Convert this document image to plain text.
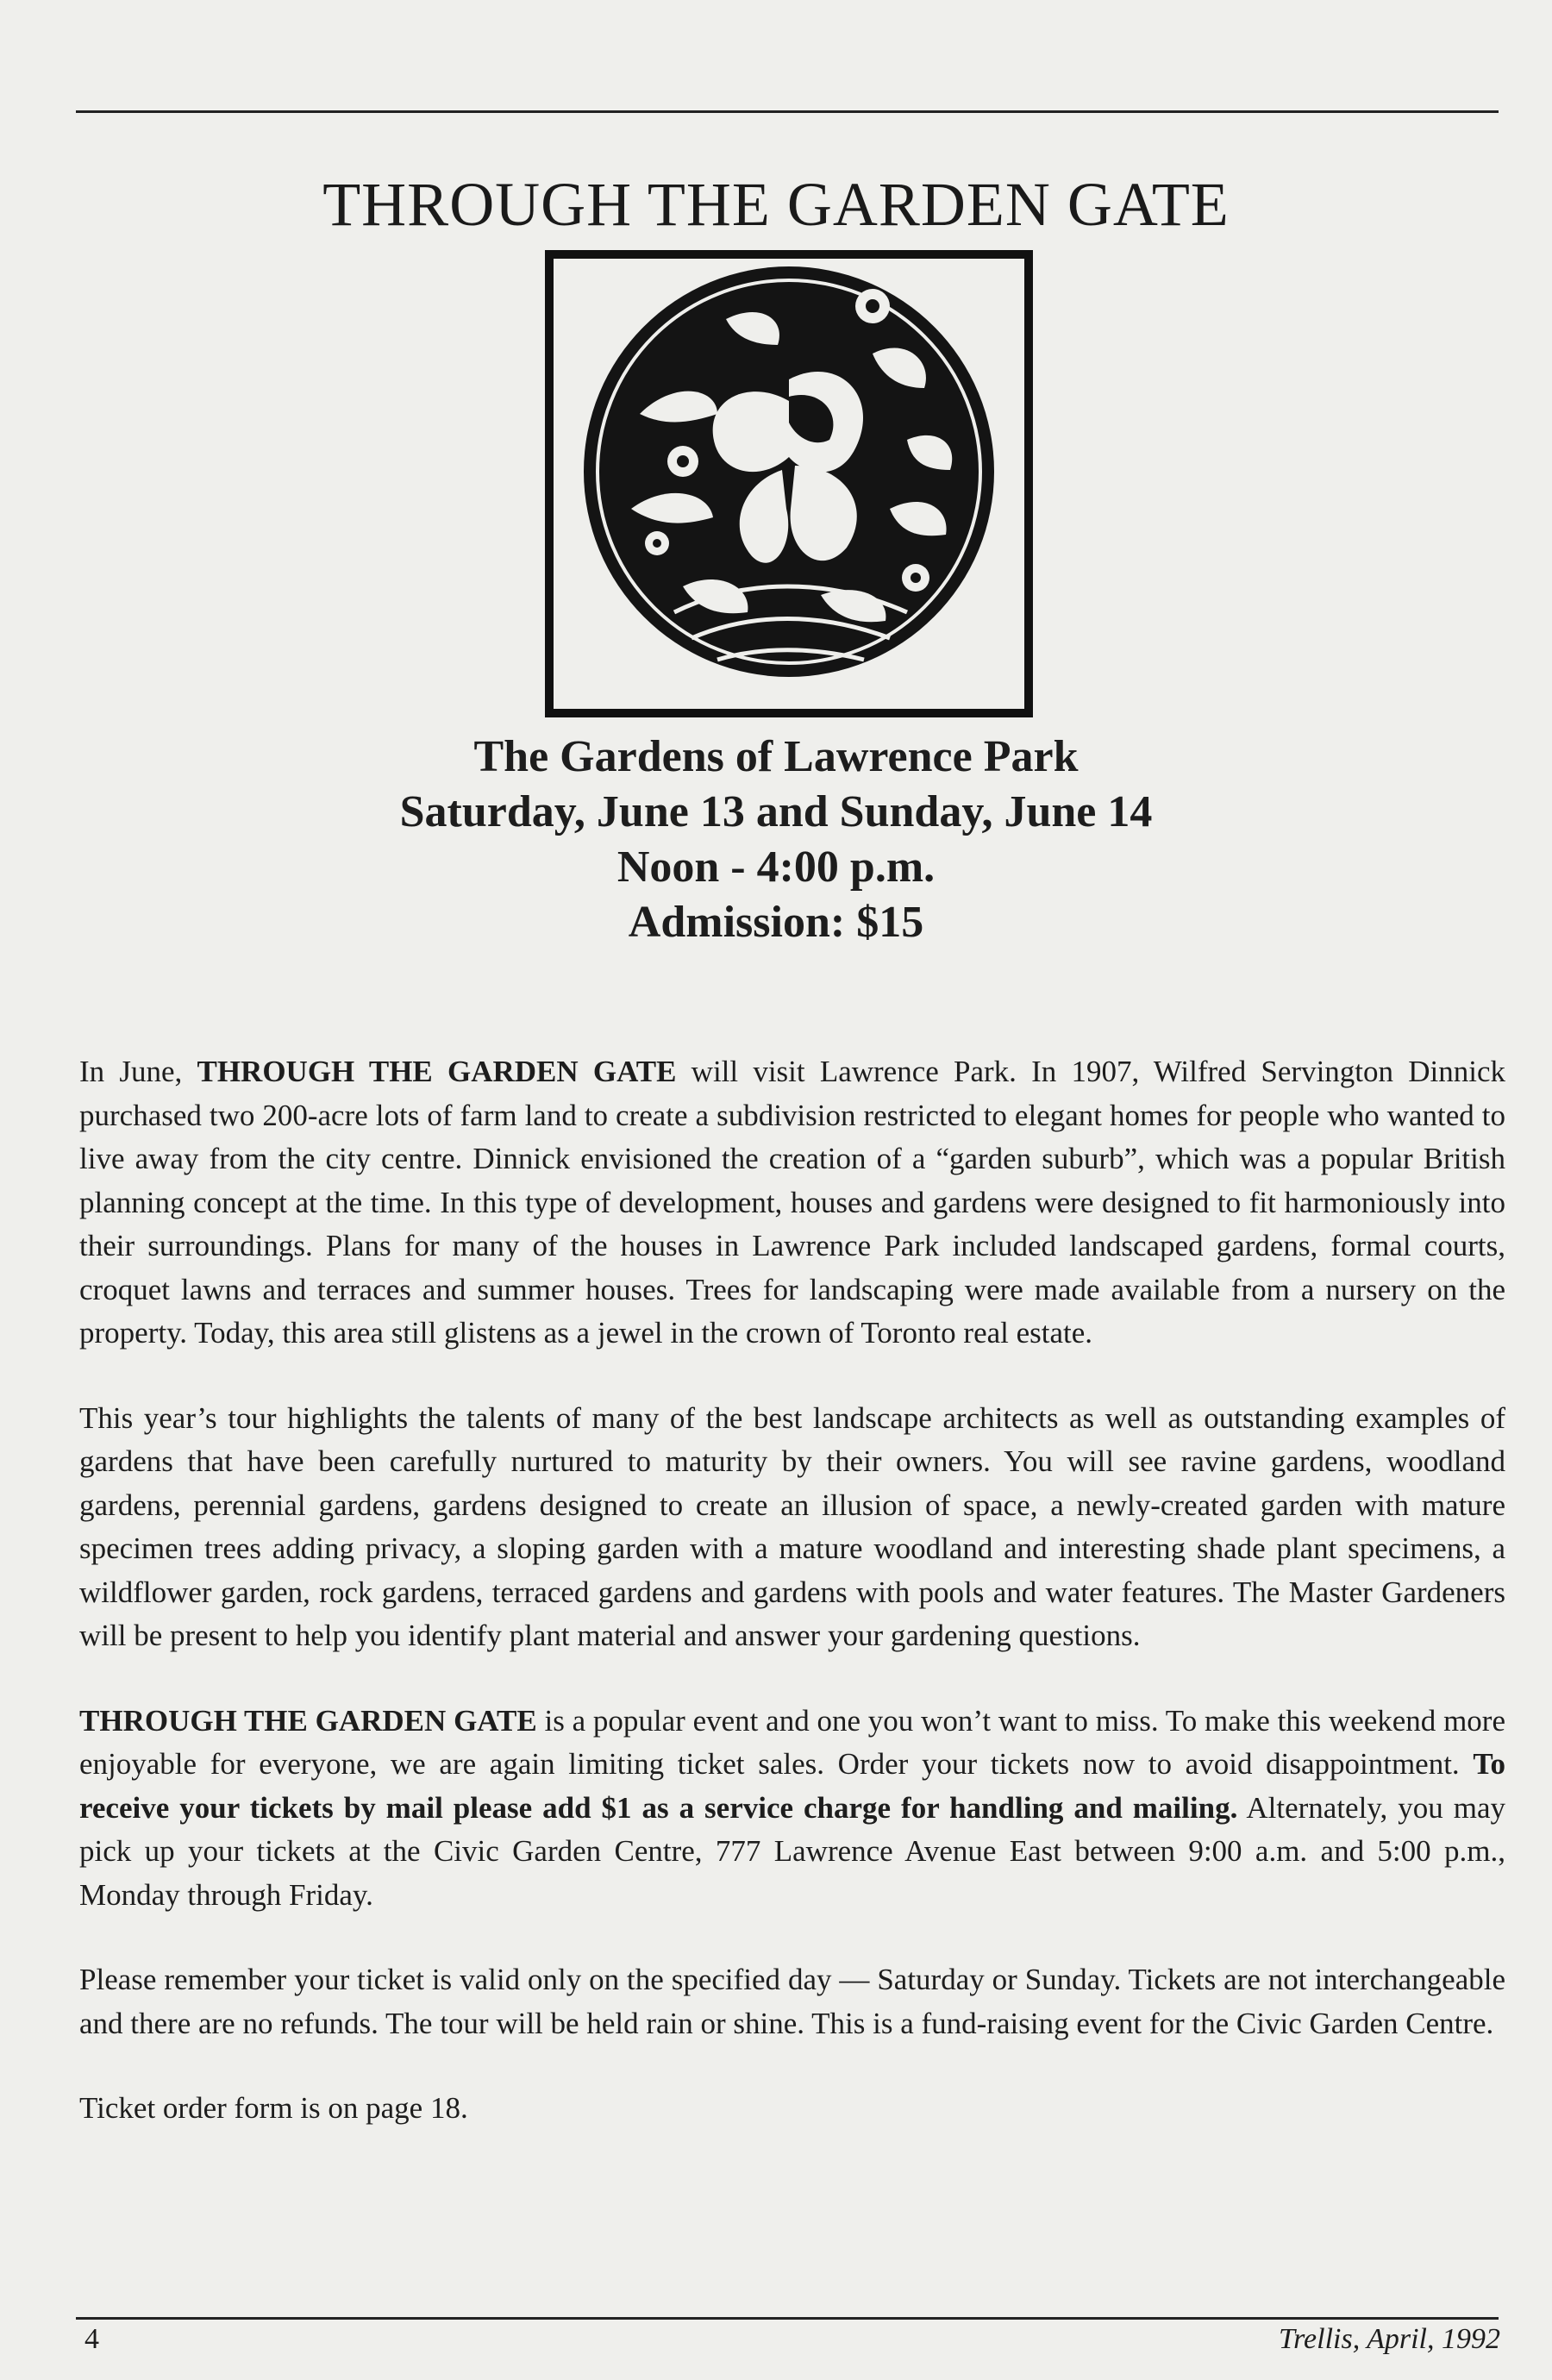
THROUGH THE GARDEN GATE
The Gardens of Lawrence Park
Saturday, June 13 and Sunday, June 14
Noon - 4:00 p.m.
Admission: $15

In June, THROUGH THE GARDEN GATE will visit Lawrence Park. In 1907, Wilfred Servington Dinnick purchased two 200-acre lots of farm land to create a subdivision restricted to elegant homes for people who wanted to live away from the city centre. Dinnick envisioned the creation of a “garden suburb”, which was a popular British planning concept at the time. In this type of development, houses and gardens were designed to fit harmoniously into their surroundings. Plans for many of the houses in Lawrence Park included landscaped gardens, formal courts, croquet lawns and terraces and summer houses. Trees for landscaping were made available from a nursery on the property. Today, this area still glistens as a jewel in the crown of Toronto real estate.

This year’s tour highlights the talents of many of the best landscape architects as well as outstanding examples of gardens that have been carefully nurtured to maturity by their owners. You will see ravine gardens, woodland gardens, perennial gardens, gardens designed to create an illusion of space, a newly-created garden with mature specimen trees adding privacy, a sloping garden with a mature woodland and interesting shade plant specimens, a wildflower garden, rock gardens, terraced gardens and gardens with pools and water features. The Master Gardeners will be present to help you identify plant material and answer your gardening questions.

THROUGH THE GARDEN GATE is a popular event and one you won’t want to miss. To make this weekend more enjoyable for everyone, we are again limiting ticket sales. Order your tickets now to avoid disappointment. To receive your tickets by mail please add $1 as a service charge for handling and mailing. Alternately, you may pick up your tickets at the Civic Garden Centre, 777 Lawrence Avenue East between 9:00 a.m. and 5:00 p.m., Monday through Friday.

Please remember your ticket is valid only on the specified day — Saturday or Sunday. Tickets are not interchangeable and there are no refunds. The tour will be held rain or shine. This is a fund-raising event for the Civic Garden Centre.

Ticket order form is on page 18.

4	Trellis, April, 1992
